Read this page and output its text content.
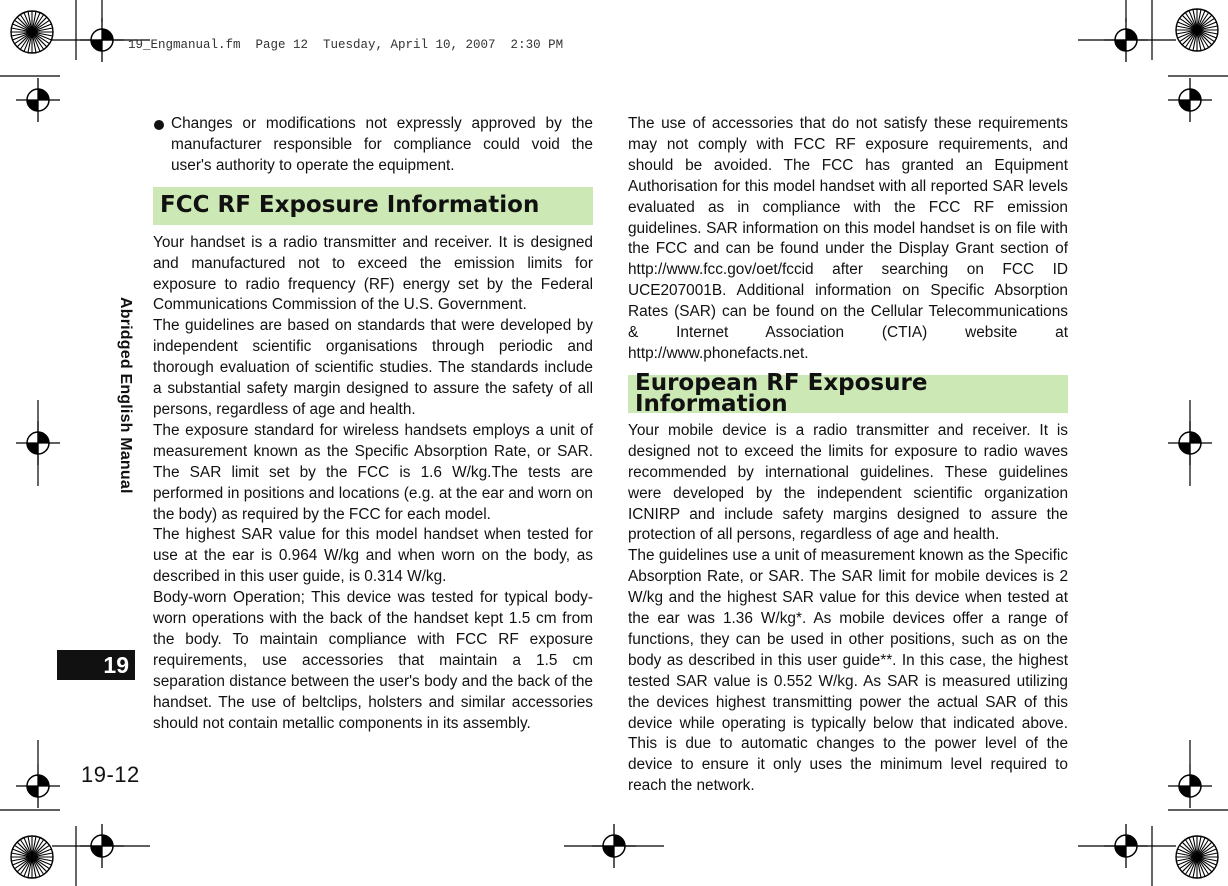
19_Engmanual.fm  Page 12  Tuesday, April 10, 2007  2:30 PM

Changes or modifications not expressly approved by the manufacturer responsible for compliance could void the user's authority to operate the equipment.

FCC RF Exposure Information

Your handset is a radio transmitter and receiver. It is designed and manufactured not to exceed the emission limits for exposure to radio frequency (RF) energy set by the Federal Communications Commission of the U.S. Government.

The guidelines are based on standards that were developed by independent scientific organisations through periodic and thorough evaluation of scientific studies. The standards include a substantial safety margin designed to assure the safety of all persons, regardless of age and health.

The exposure standard for wireless handsets employs a unit of measurement known as the Specific Absorption Rate, or SAR. The SAR limit set by the FCC is 1.6 W/kg.The tests are performed in positions and locations (e.g. at the ear and worn on the body) as required by the FCC for each model.

The highest SAR value for this model handset when tested for use at the ear is 0.964 W/kg and when worn on the body, as described in this user guide, is 0.314 W/kg.

Body-worn Operation; This device was tested for typical body-worn operations with the back of the handset kept 1.5 cm from the body. To maintain compliance with FCC RF exposure requirements, use accessories that maintain a 1.5 cm separation distance between the user's body and the back of the handset. The use of beltclips, holsters and similar accessories should not contain metallic components in its assembly.

The use of accessories that do not satisfy these requirements may not comply with FCC RF exposure requirements, and should be avoided. The FCC has granted an Equipment Authorisation for this model handset with all reported SAR levels evaluated as in compliance with the FCC RF emission guidelines. SAR information on this model handset is on file with the FCC and can be found under the Display Grant section of http://www.fcc.gov/oet/fccid after searching on FCC ID UCE207001B. Additional information on Specific Absorption Rates (SAR) can be found on the Cellular Telecommunications & Internet Association (CTIA) website at http://www.phonefacts.net.

European RF Exposure Information

Your mobile device is a radio transmitter and receiver. It is designed not to exceed the limits for exposure to radio waves recommended by international guidelines. These guidelines were developed by the independent scientific organization ICNIRP and include safety margins designed to assure the protection of all persons, regardless of age and health.

The guidelines use a unit of measurement known as the Specific Absorption Rate, or SAR. The SAR limit for mobile devices is 2 W/kg and the highest SAR value for this device when tested at the ear was 1.36 W/kg*. As mobile devices offer a range of functions, they can be used in other positions, such as on the body as described in this user guide**. In this case, the highest tested SAR value is 0.552 W/kg. As SAR is measured utilizing the devices highest transmitting power the actual SAR of this device while operating is typically below that indicated above. This is due to automatic changes to the power level of the device to ensure it only uses the minimum level required to reach the network.

Abridged English Manual
19
19-12
